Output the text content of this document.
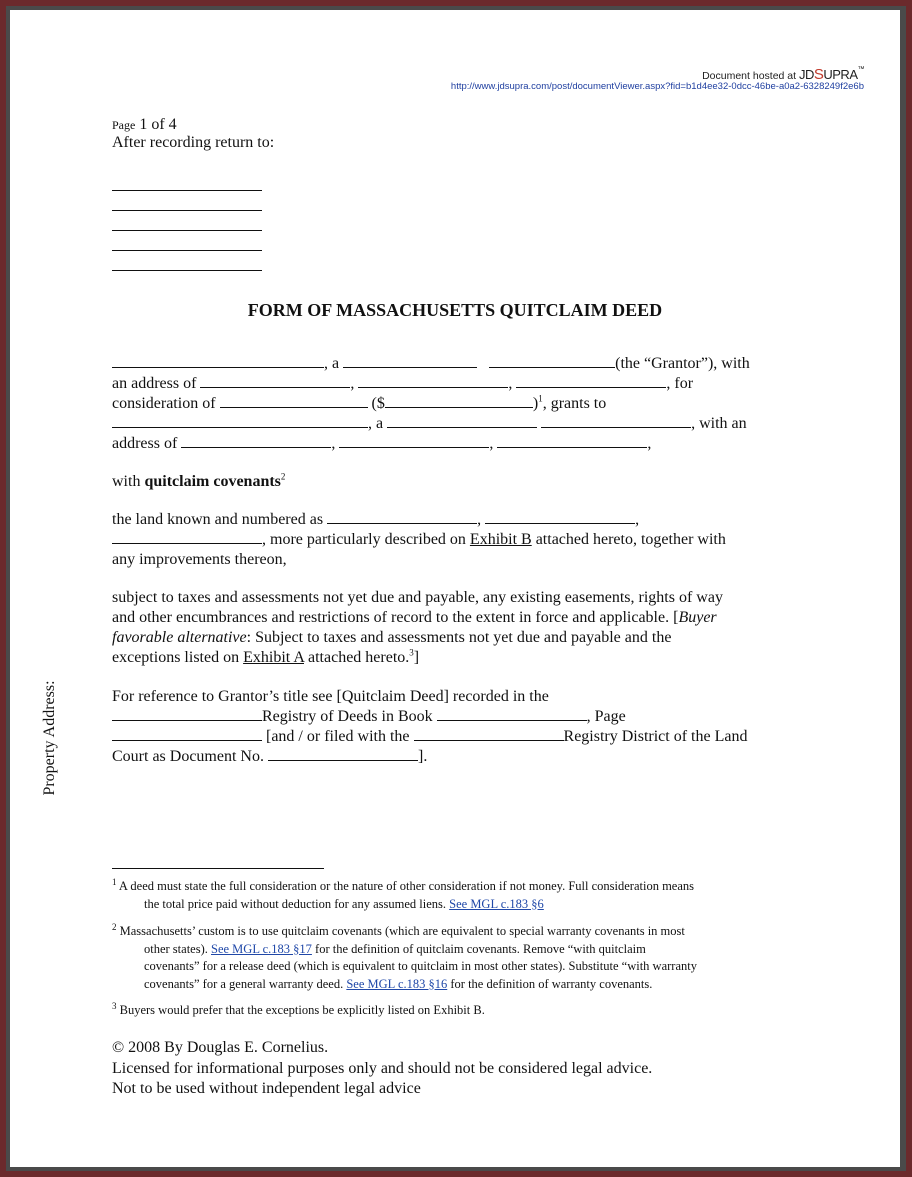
Document hosted at JDSUPRA™
http://www.jdsupra.com/post/documentViewer.aspx?fid=b1d4ee32-0dcc-46be-a0a2-6328249f2e6b
Page 1 of 4
After recording return to:
FORM OF MASSACHUSETTS QUITCLAIM DEED
, a	(the “Grantor”), with
an address of	,	,	, for
consideration of	($	)$^1$, grants to
, a	, with an
address of	,	,	,
with quitclaim covenants$^2$
the land known and numbered as	,	,
, more particularly described on Exhibit B attached hereto, together with
any improvements thereon,
subject to taxes and assessments not yet due and payable, any existing easements, rights of way
and other encumbrances and restrictions of record to the extent in force and applicable. [Buyer
favorable alternative: Subject to taxes and assessments not yet due and payable and the
exceptions listed on Exhibit A attached hereto.$^3$]
For reference to Grantor’s title see [Quitclaim Deed] recorded in the
Registry of Deeds in Book	, Page
[and / or filed with the	Registry District of the Land
Court as Document No.	].
Property Address:
$^1$ A deed must state the full consideration or the nature of other consideration if not money. Full consideration means
the total price paid without deduction for any assumed liens. See MGL c.183 §6
$^2$ Massachusetts’ custom is to use quitclaim covenants (which are equivalent to special warranty covenants in most
other states). See MGL c.183 §17 for the definition of quitclaim covenants. Remove “with quitclaim
covenants” for a release deed (which is equivalent to quitclaim in most other states). Substitute “with warranty
covenants” for a general warranty deed. See MGL c.183 §16 for the definition of warranty covenants.
$^3$ Buyers would prefer that the exceptions be explicitly listed on Exhibit B.
© 2008 By Douglas E. Cornelius.
Licensed for informational purposes only and should not be considered legal advice.
Not to be used without independent legal advice
